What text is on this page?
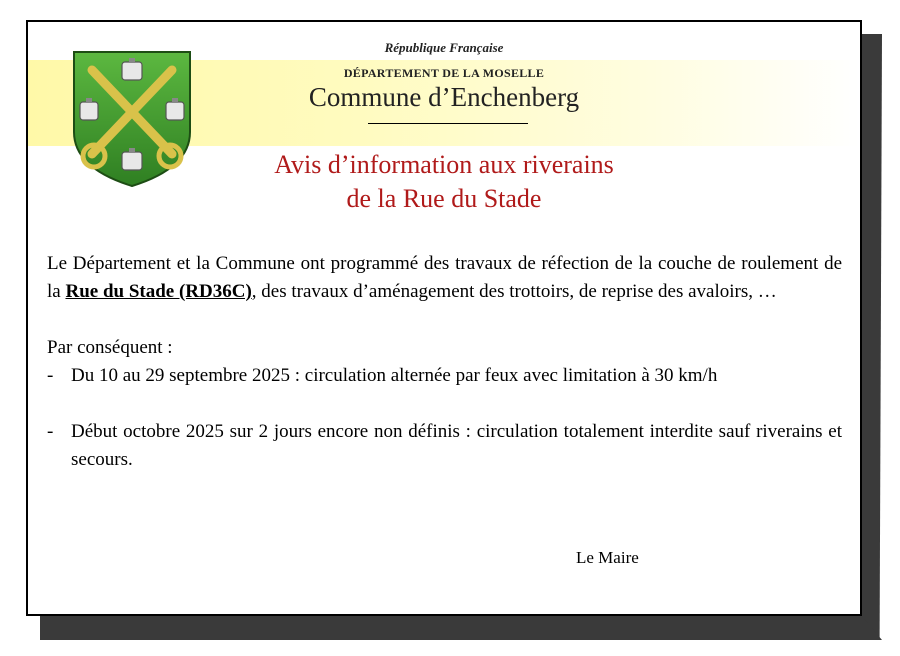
République Française
DÉPARTEMENT DE LA MOSELLE
Commune d’Enchenberg
Avis d’information aux riverains
de la Rue du Stade

Le Département et la Commune ont programmé des travaux de réfection de la couche de roulement de la Rue du Stade (RD36C), des travaux d’aménagement des trottoirs, de reprise des avaloirs, …

Par conséquent :

- Du 10 au 29 septembre 2025 : circulation alternée par feux avec limitation à 30 km/h
- Début octobre 2025 sur 2 jours encore non définis : circulation totalement interdite sauf riverains et secours.
Le Maire
